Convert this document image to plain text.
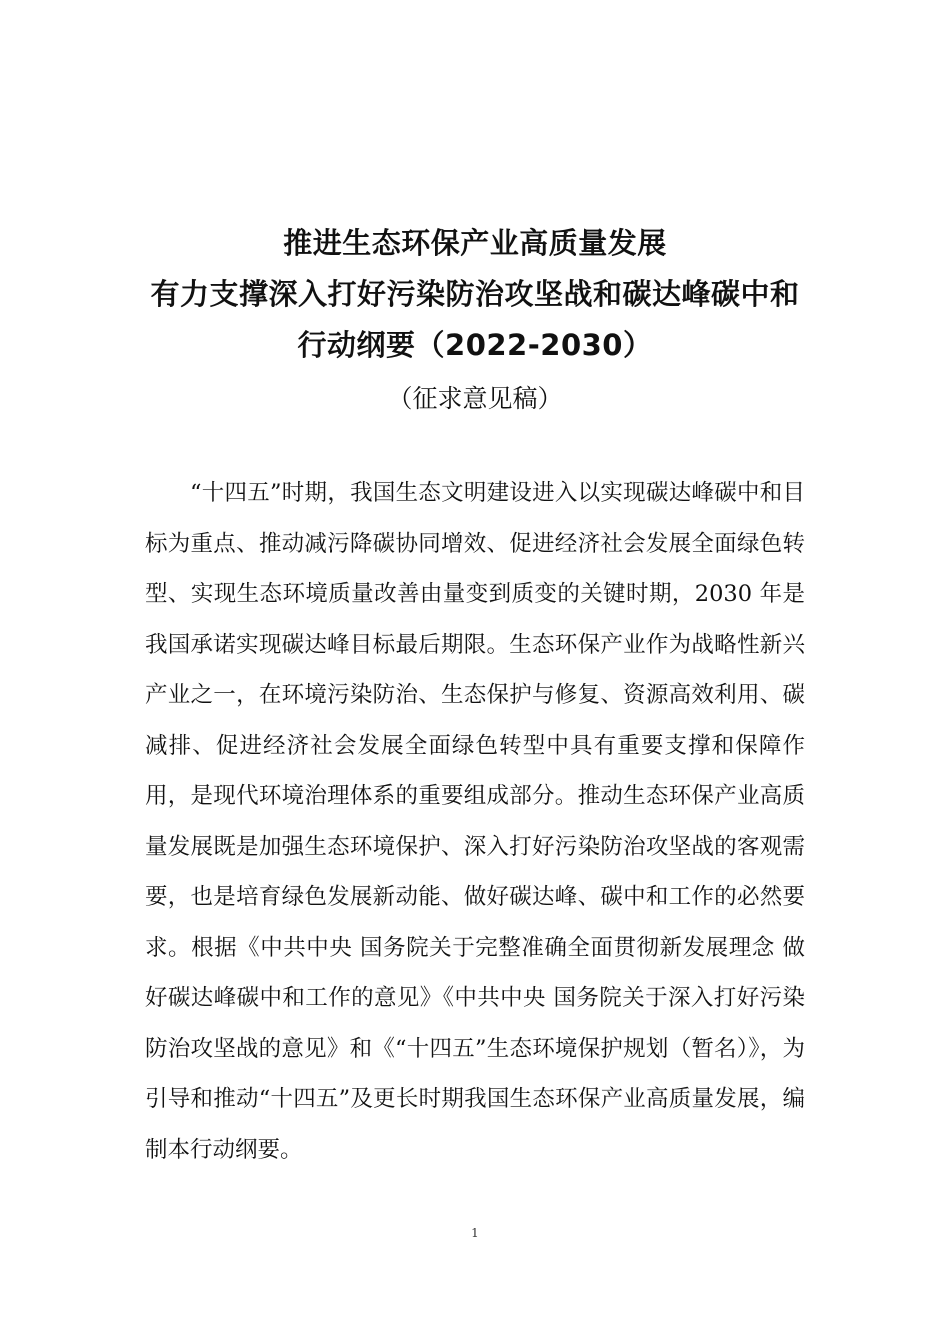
推进生态环保产业高质量发展
有力支撑深入打好污染防治攻坚战和碳达峰碳中和
行动纲要（2022-2030）
（征求意见稿）

“十四五”时期，我国生态文明建设进入以实现碳达峰碳中和目标为重点、推动减污降碳协同增效、促进经济社会发展全面绿色转型、实现生态环境质量改善由量变到质变的关键时期，2030 年是我国承诺实现碳达峰目标最后期限。生态环保产业作为战略性新兴产业之一，在环境污染防治、生态保护与修复、资源高效利用、碳减排、促进经济社会发展全面绿色转型中具有重要支撑和保障作用，是现代环境治理体系的重要组成部分。推动生态环保产业高质量发展既是加强生态环境保护、深入打好污染防治攻坚战的客观需要，也是培育绿色发展新动能、做好碳达峰、碳中和工作的必然要求。根据《中共中央 国务院关于完整准确全面贯彻新发展理念 做好碳达峰碳中和工作的意见》《中共中央 国务院关于深入打好污染防治攻坚战的意见》和《“十四五”生态环境保护规划（暂名）》，为引导和推动“十四五”及更长时期我国生态环保产业高质量发展，编制本行动纲要。

1
